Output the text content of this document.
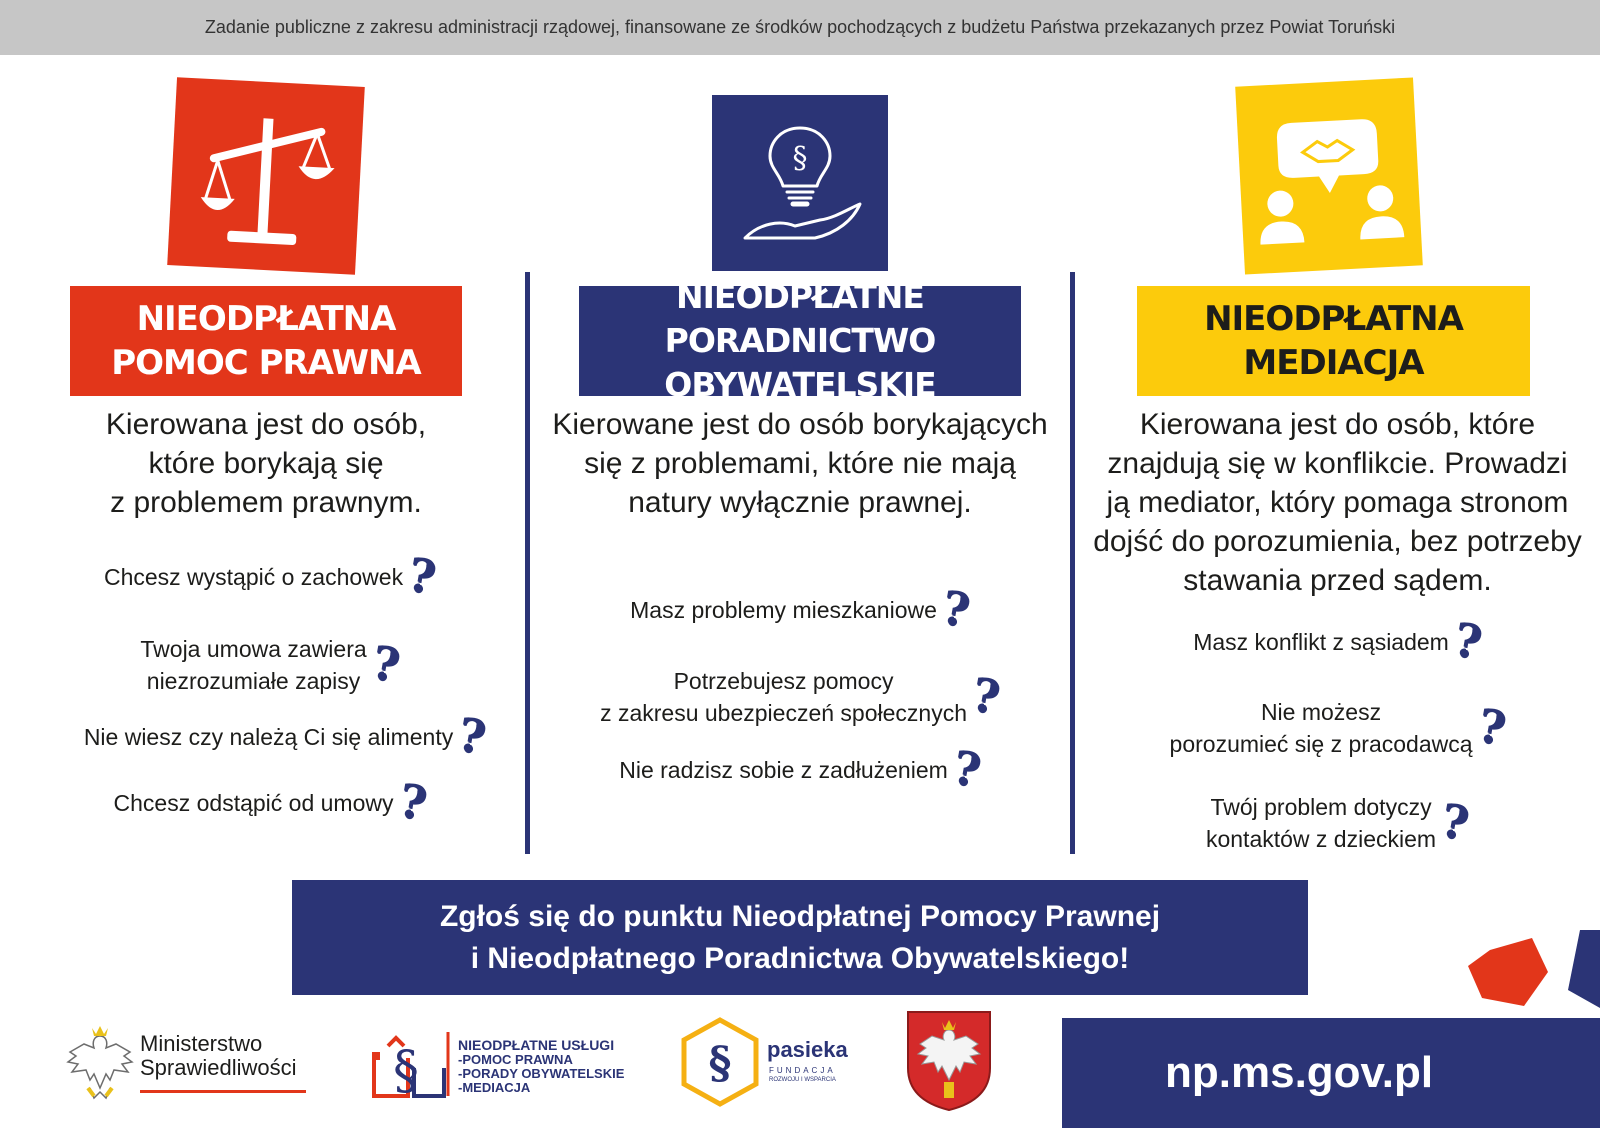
Zadanie publiczne z zakresu administracji rządowej, finansowane ze środków pochodzących z budżetu Państwa przekazanych przez Powiat Toruński
§
NIEODPŁATNA
POMOC PRAWNA
NIEODPŁATNE
PORADNICTWO OBYWATELSKIE
NIEODPŁATNA
MEDIACJA
Kierowana jest do osób,
które borykają się
z problemem prawnym.
Kierowane jest do osób borykających
się z problemami, które nie mają
natury wyłącznie prawnej.
Kierowana jest do osób, które
znajdują się w konflikcie. Prowadzi
ją mediator, który pomaga stronom
dojść do porozumienia, bez potrzeby
stawania przed sądem.
Chcesz wystąpić o zachowek ?
Twoja umowa zawiera
niezrozumiałe zapisy ?
Nie wiesz czy należą Ci się alimenty ?
Chcesz odstąpić od umowy ?
Masz problemy mieszkaniowe ?
Potrzebujesz pomocy
z zakresu ubezpieczeń społecznych ?
Nie radzisz sobie z zadłużeniem ?
Masz konflikt z sąsiadem ?
Nie możesz
porozumieć się z pracodawcą ?
Twój problem dotyczy
kontaktów z dzieckiem ?
Zgłoś się do punktu Nieodpłatnej Pomocy Prawnej
i Nieodpłatnego Poradnictwa Obywatelskiego!
Ministerstwo
Sprawiedliwości §	NIEODPŁATNE USŁUGI
-POMOC PRAWNA
-PORADY OBYWATELSKIE
-MEDIACJA	§ pasieka
FUNDACJA
ROZWOJU I WSPARCIA	np.ms.gov.pl
